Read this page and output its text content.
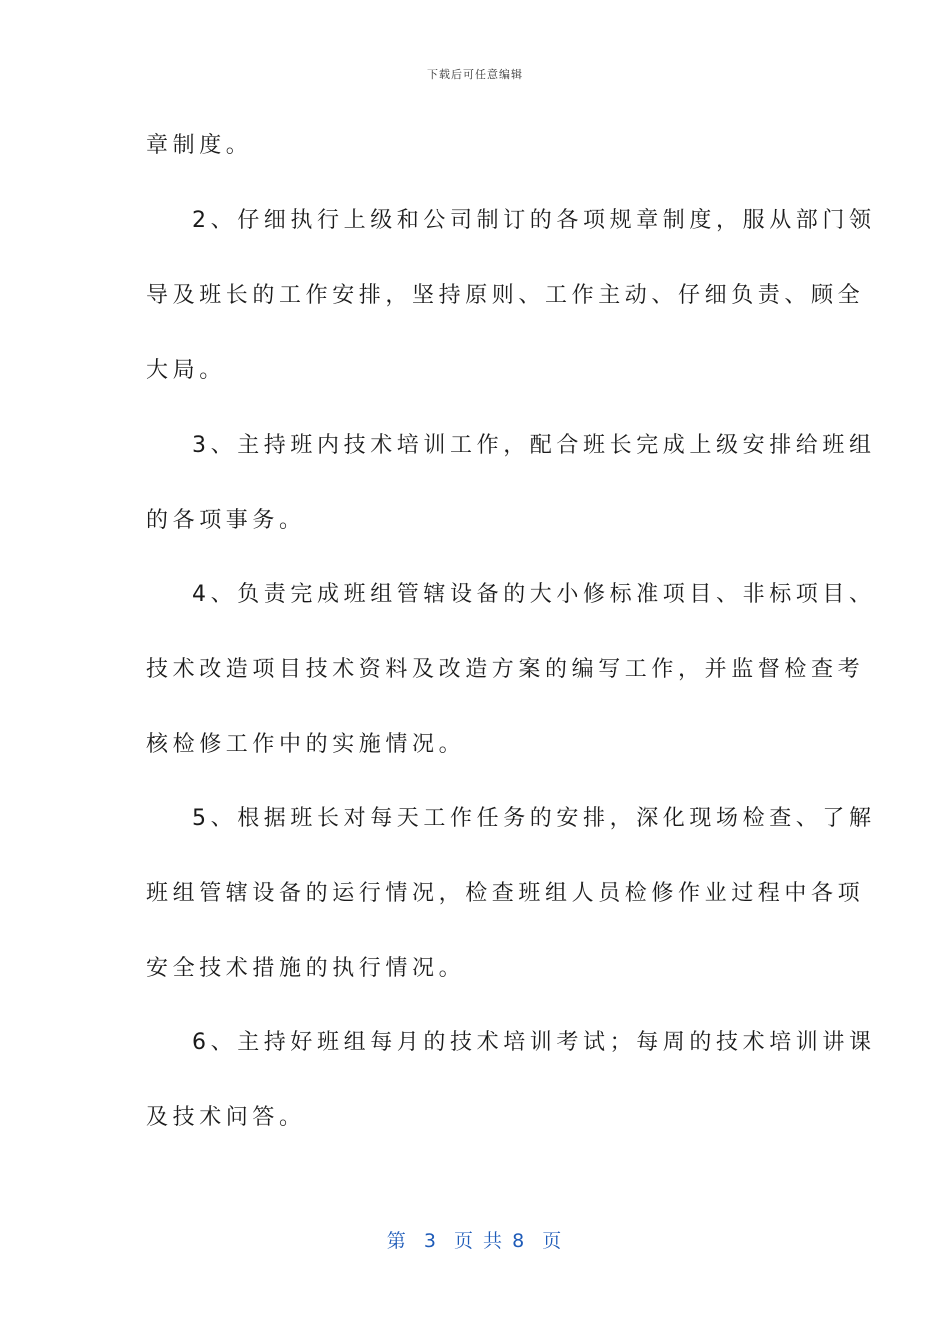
下载后可任意编辑
章制度。
2、仔细执行上级和公司制订的各项规章制度，服从部门领
导及班长的工作安排，坚持原则、工作主动、仔细负责、顾全
大局。
3、主持班内技术培训工作，配合班长完成上级安排给班组
的各项事务。
4、负责完成班组管辖设备的大小修标准项目、非标项目、
技术改造项目技术资料及改造方案的编写工作，并监督检查考
核检修工作中的实施情况。
5、根据班长对每天工作任务的安排，深化现场检查、了解
班组管辖设备的运行情况，检查班组人员检修作业过程中各项
安全技术措施的执行情况。
6、主持好班组每月的技术培训考试；每周的技术培训讲课
及技术问答。
第  3  页 共 8  页
